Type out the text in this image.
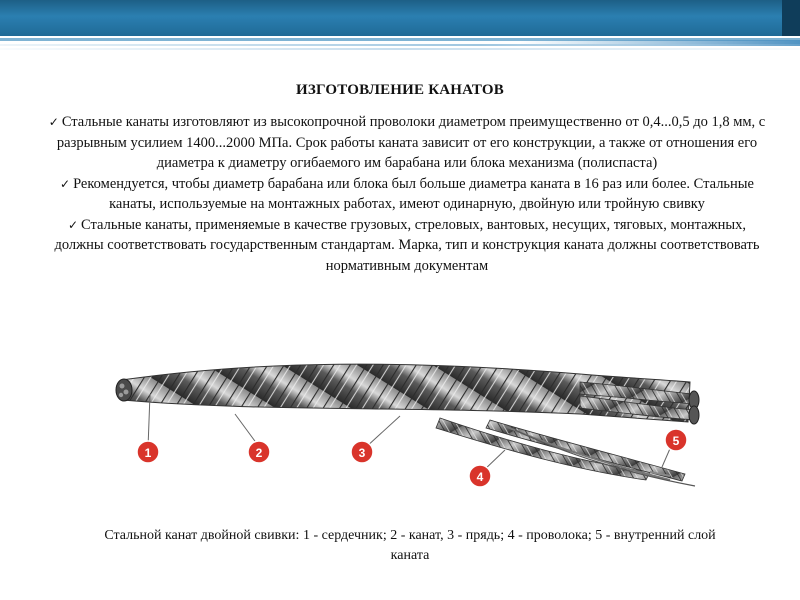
ИЗГОТОВЛЕНИЕ КАНАТОВ

✓ Стальные канаты изготовляют из высокопрочной проволоки диаметром преимущественно от 0,4...0,5 до 1,8 мм, с разрывным усилием 1400...2000 МПа. Срок работы каната зависит от его конструкции, а также от отношения его диаметра к диаметру огибаемого им барабана или блока механизма (полиспаста)

✓ Рекомендуется, чтобы диаметр барабана или блока был больше диаметра каната в 16 раз или более. Стальные канаты, используемые на монтажных работах, имеют одинарную, двойную или тройную свивку

✓ Стальные канаты, применяемые в качестве грузовых, стреловых, вантовых, несущих, тяговых, монтажных, должны соответствовать государственным стандартам. Марка, тип и конструкция каната должны соответствовать нормативным документам

1	2	3
4
5
Стальной канат двойной свивки: 1 - сердечник; 2 - канат, 3 - прядь; 4 - проволока; 5 - внутренний слой каната
